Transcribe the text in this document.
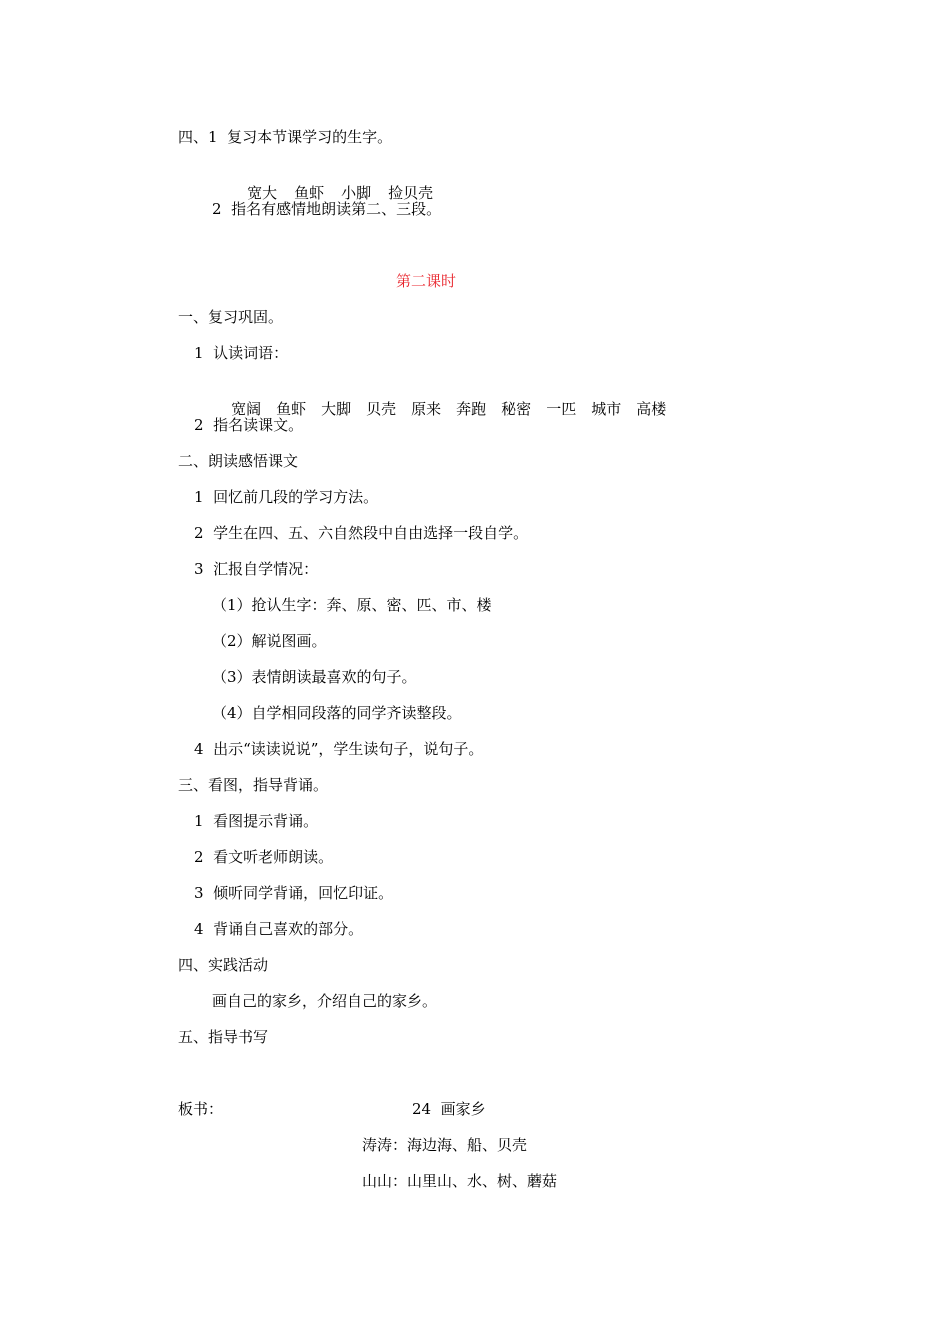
四、1  复习本节课学习的生字。

宽大 鱼虾 小脚 捡贝壳

2  指名有感情地朗读第二、三段。
第二课时
一、复习巩固。
1  认读词语：

宽阔 鱼虾 大脚 贝壳 原来 奔跑 秘密 一匹 城市 高楼

2  指名读课文。
二、朗读感悟课文
1  回忆前几段的学习方法。
2  学生在四、五、六自然段中自由选择一段自学。
3  汇报自学情况：
（1）抢认生字：奔、原、密、匹、市、楼
（2）解说图画。
（3）表情朗读最喜欢的句子。
（4）自学相同段落的同学齐读整段。
4  出示“读读说说”，学生读句子，说句子。
三、看图，指导背诵。
1  看图提示背诵。
2  看文听老师朗读。
3  倾听同学背诵，回忆印证。
4  背诵自己喜欢的部分。
四、实践活动
画自己的家乡，介绍自己的家乡。
五、指导书写
板书：	24  画家乡
涛涛：海边海、船、贝壳
山山：山里山、水、树、蘑菇
